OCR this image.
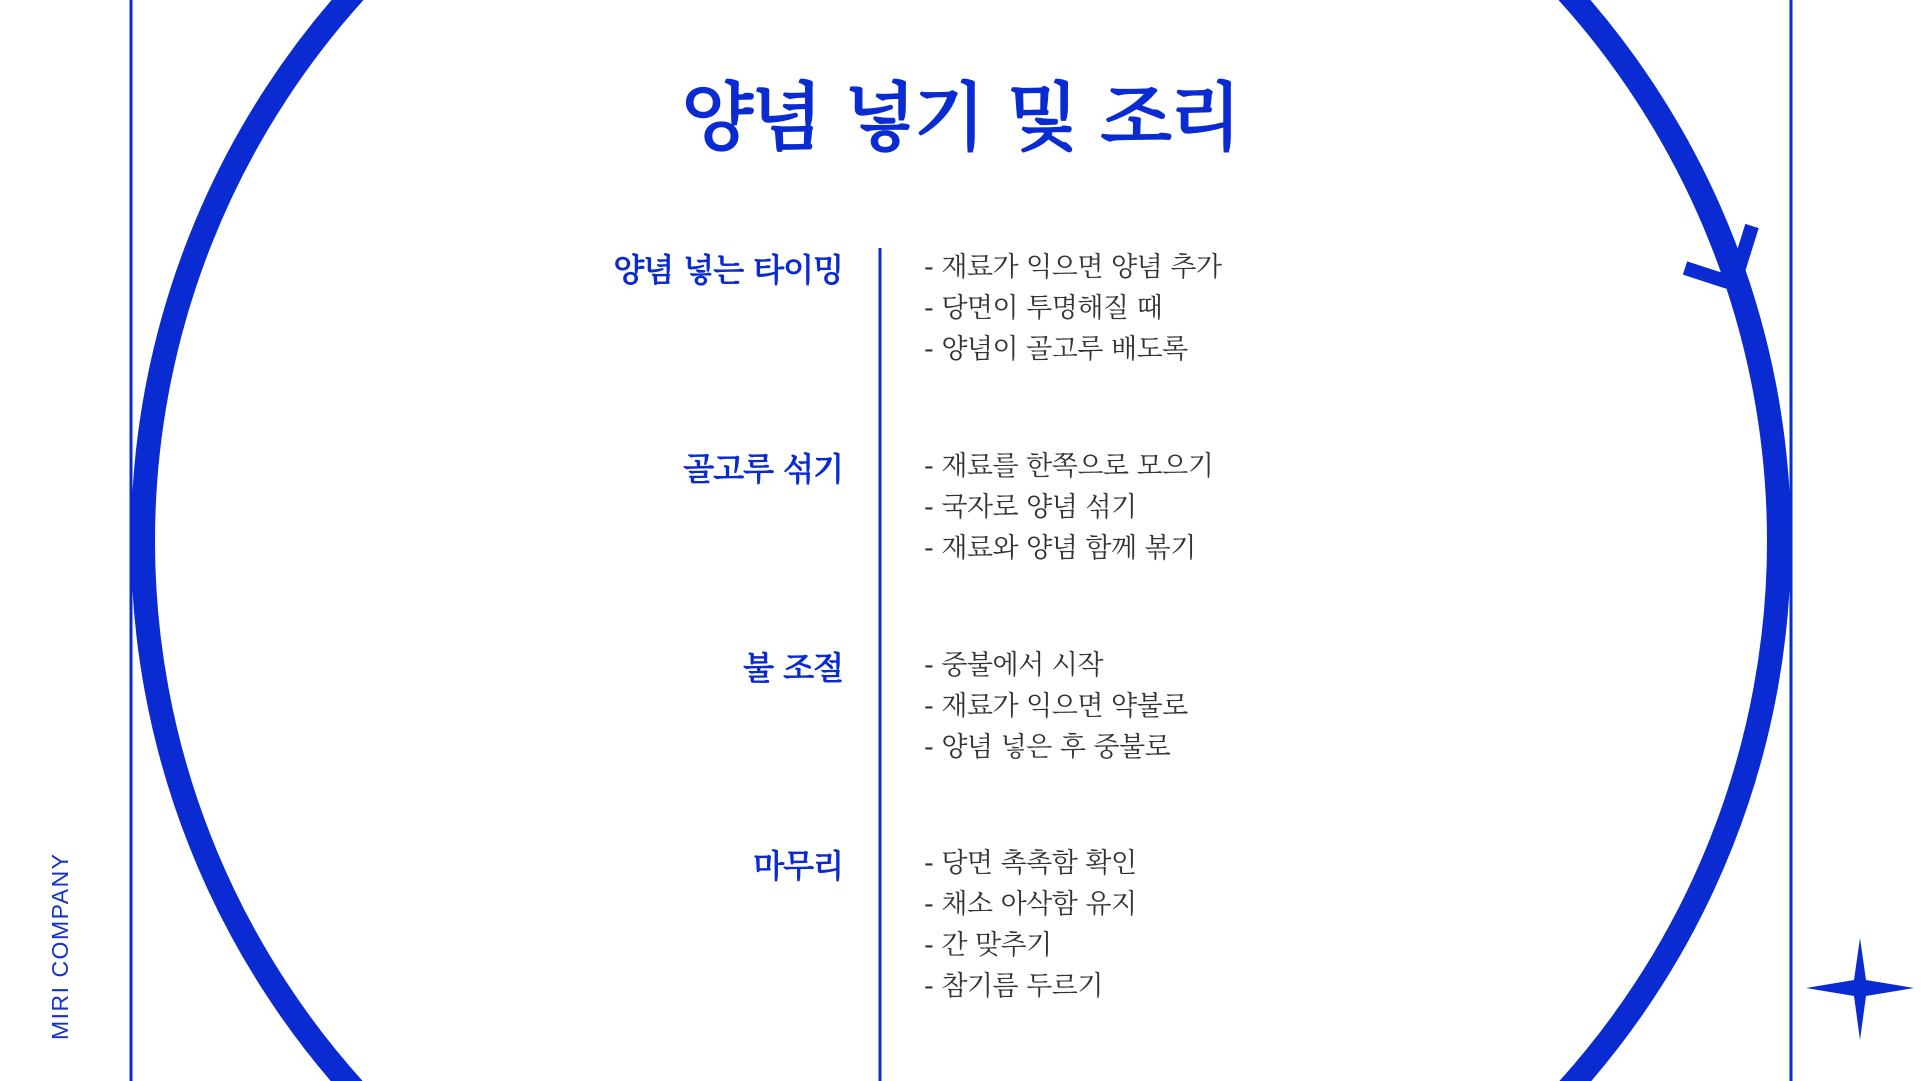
MIRI COMPANY
양념 넣기 및 조리
양념 넣는 타이밍	- 재료가 익으면 양념 추가
- 당면이 투명해질 때
- 양념이 골고루 배도록
골고루 섞기	- 재료를 한쪽으로 모으기
- 국자로 양념 섞기
- 재료와 양념 함께 볶기
불 조절	- 중불에서 시작
- 재료가 익으면 약불로
- 양념 넣은 후 중불로
마무리	- 당면 촉촉함 확인
- 채소 아삭함 유지
- 간 맞추기
- 참기름 두르기
